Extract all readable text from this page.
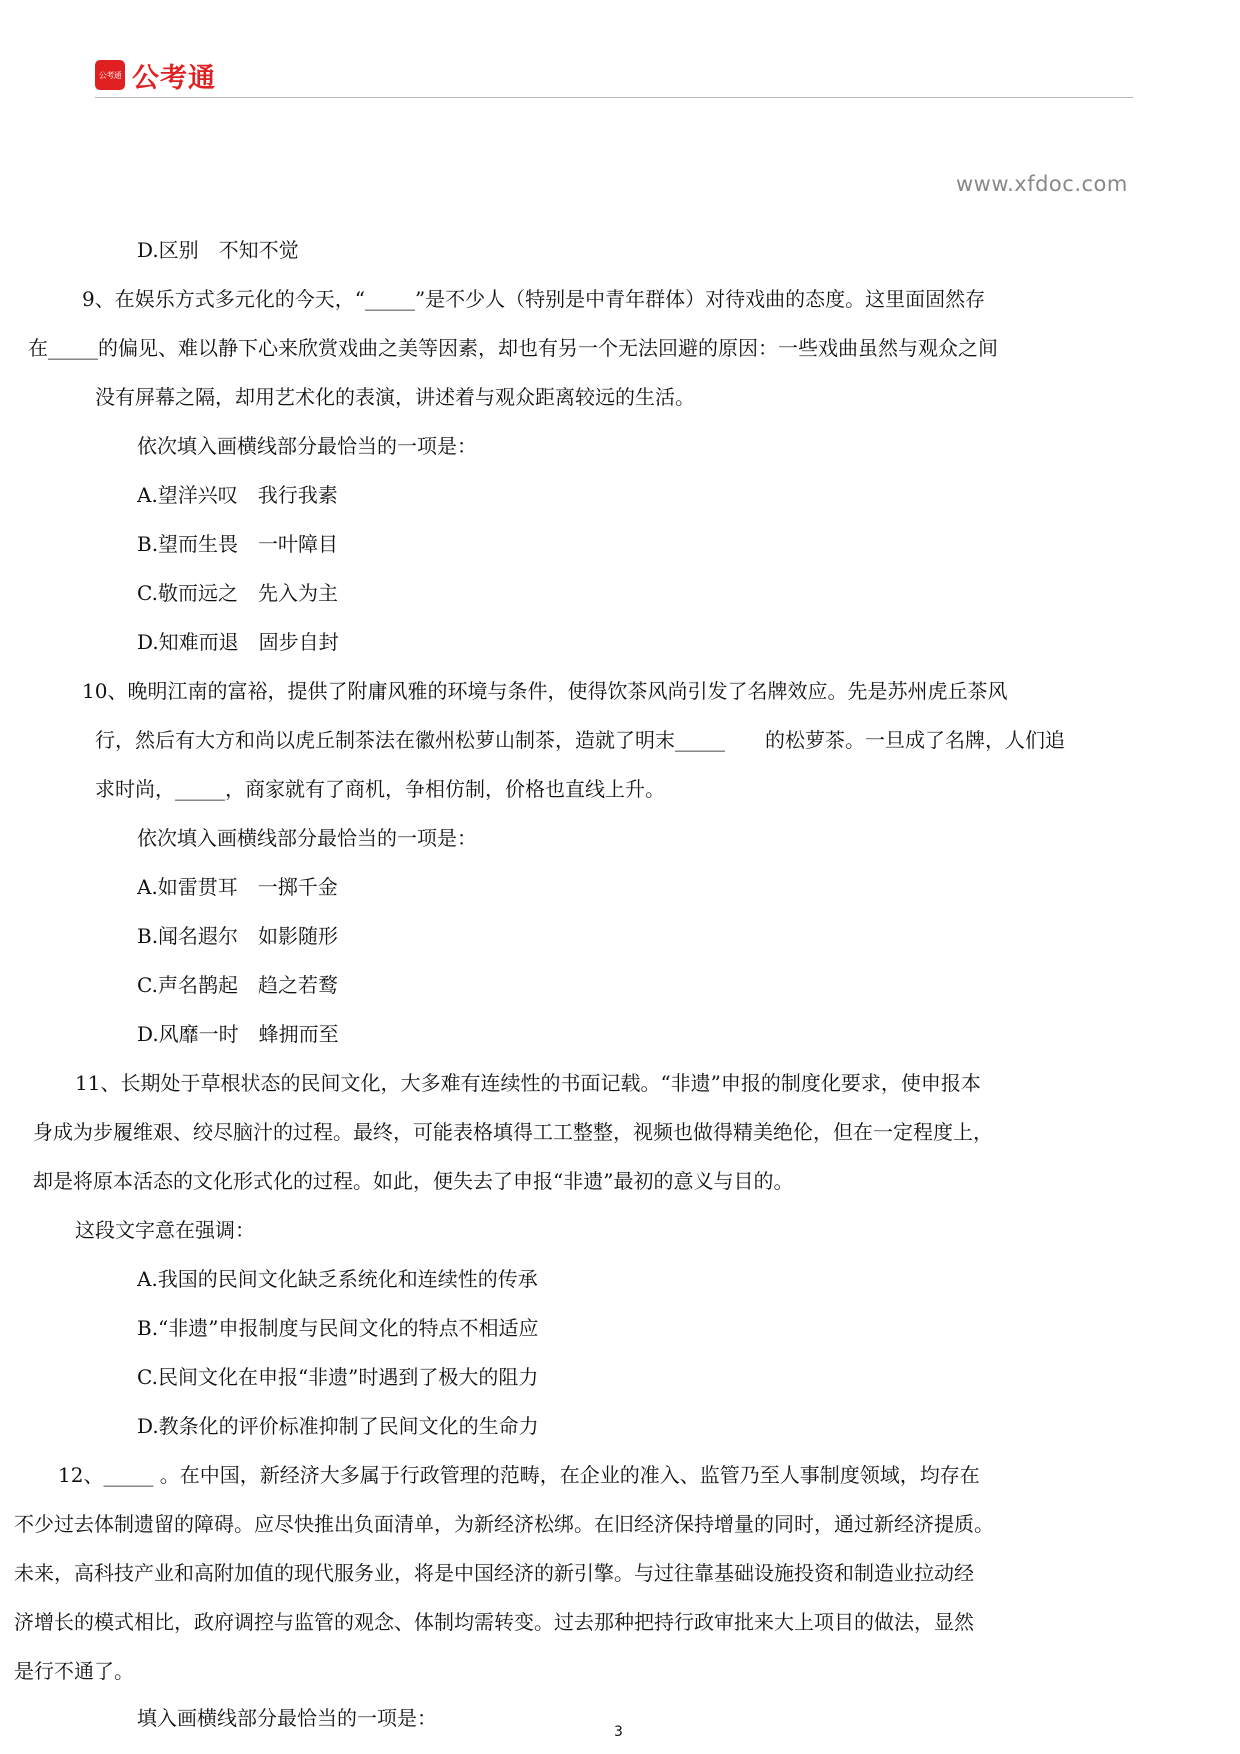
公考通 公考通
www.xfdoc.com
D.区别　不知不觉
9、在娱乐方式多元化的今天，“_____”是不少人（特别是中青年群体）对待戏曲的态度。这里面固然存
在_____的偏见、难以静下心来欣赏戏曲之美等因素，却也有另一个无法回避的原因：一些戏曲虽然与观众之间
没有屏幕之隔，却用艺术化的表演，讲述着与观众距离较远的生活。
依次填入画横线部分最恰当的一项是：
A.望洋兴叹　我行我素
B.望而生畏　一叶障目
C.敬而远之　先入为主
D.知难而退　固步自封
10、晚明江南的富裕，提供了附庸风雅的环境与条件，使得饮茶风尚引发了名牌效应。先是苏州虎丘茶风
行，然后有大方和尚以虎丘制茶法在徽州松萝山制茶，造就了明末_____　　的松萝茶。一旦成了名牌，人们追
求时尚，_____，商家就有了商机，争相仿制，价格也直线上升。
依次填入画横线部分最恰当的一项是：
A.如雷贯耳　一掷千金
B.闻名遐尔　如影随形
C.声名鹊起　趋之若鹜
D.风靡一时　蜂拥而至
11、长期处于草根状态的民间文化，大多难有连续性的书面记载。“非遗”申报的制度化要求，使申报本
身成为步履维艰、绞尽脑汁的过程。最终，可能表格填得工工整整，视频也做得精美绝伦，但在一定程度上，
却是将原本活态的文化形式化的过程。如此，便失去了申报“非遗”最初的意义与目的。
这段文字意在强调：
A.我国的民间文化缺乏系统化和连续性的传承
B.“非遗”申报制度与民间文化的特点不相适应
C.民间文化在申报“非遗”时遇到了极大的阻力
D.教条化的评价标准抑制了民间文化的生命力
12、_____ 。在中国，新经济大多属于行政管理的范畴，在企业的准入、监管乃至人事制度领域，均存在
不少过去体制遗留的障碍。应尽快推出负面清单，为新经济松绑。在旧经济保持增量的同时，通过新经济提质。
未来，高科技产业和高附加值的现代服务业，将是中国经济的新引擎。与过往靠基础设施投资和制造业拉动经
济增长的模式相比，政府调控与监管的观念、体制均需转变。过去那种把持行政审批来大上项目的做法，显然
是行不通了。
填入画横线部分最恰当的一项是：
3
